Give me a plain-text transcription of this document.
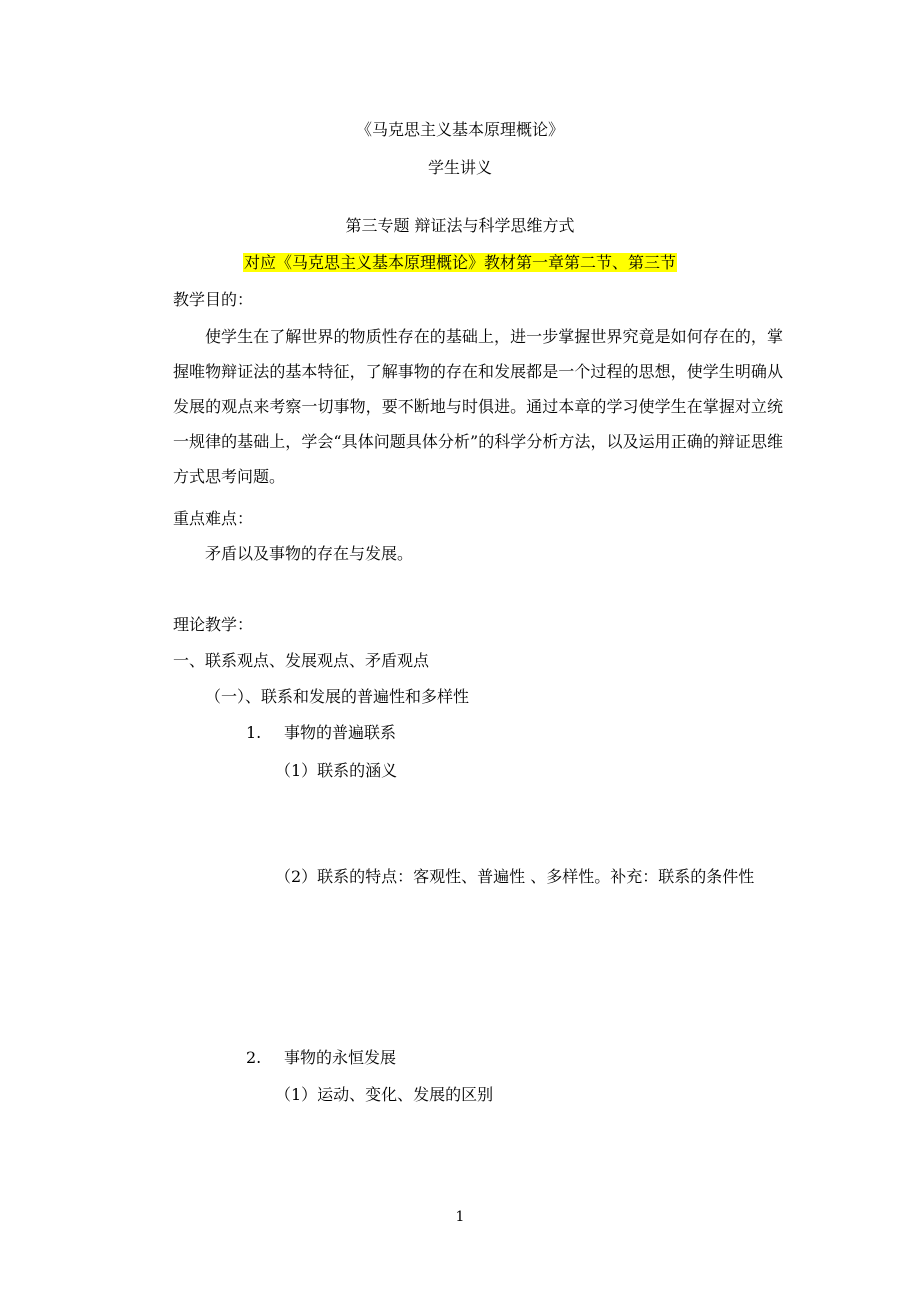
《马克思主义基本原理概论》
学生讲义
第三专题 辩证法与科学思维方式
对应《马克思主义基本原理概论》教材第一章第二节、第三节
教学目的：
使学生在了解世界的物质性存在的基础上，进一步掌握世界究竟是如何存在的，掌握唯物辩证法的基本特征，了解事物的存在和发展都是一个过程的思想，使学生明确从发展的观点来考察一切事物，要不断地与时俱进。通过本章的学习使学生在掌握对立统一规律的基础上，学会“具体问题具体分析”的科学分析方法，以及运用正确的辩证思维方式思考问题。
重点难点：
矛盾以及事物的存在与发展。
理论教学：
一、联系观点、发展观点、矛盾观点
（一）、联系和发展的普遍性和多样性
1. 事物的普遍联系
（1）联系的涵义
（2）联系的特点：客观性、普遍性 、多样性。补充：联系的条件性
2. 事物的永恒发展
（1）运动、变化、发展的区别
1
